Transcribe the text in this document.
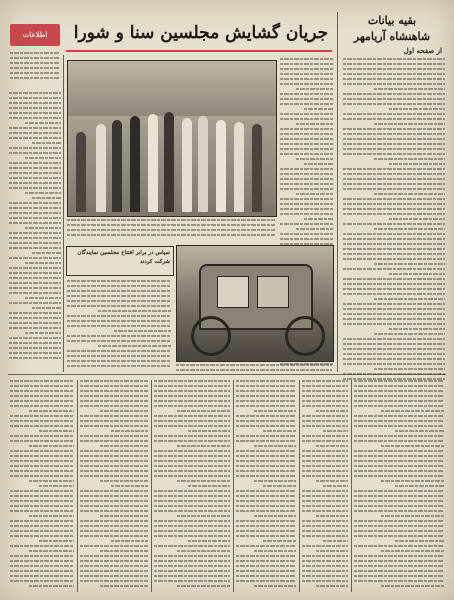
اطلاعات	جریان گشایش مجلسین سنا و شورا
بقیه بیانات
شاهنشاه آریامهر
از صفحه اول
سپاس در برابر افتتاح مجلسین نمایندگان
شرکت کردند
